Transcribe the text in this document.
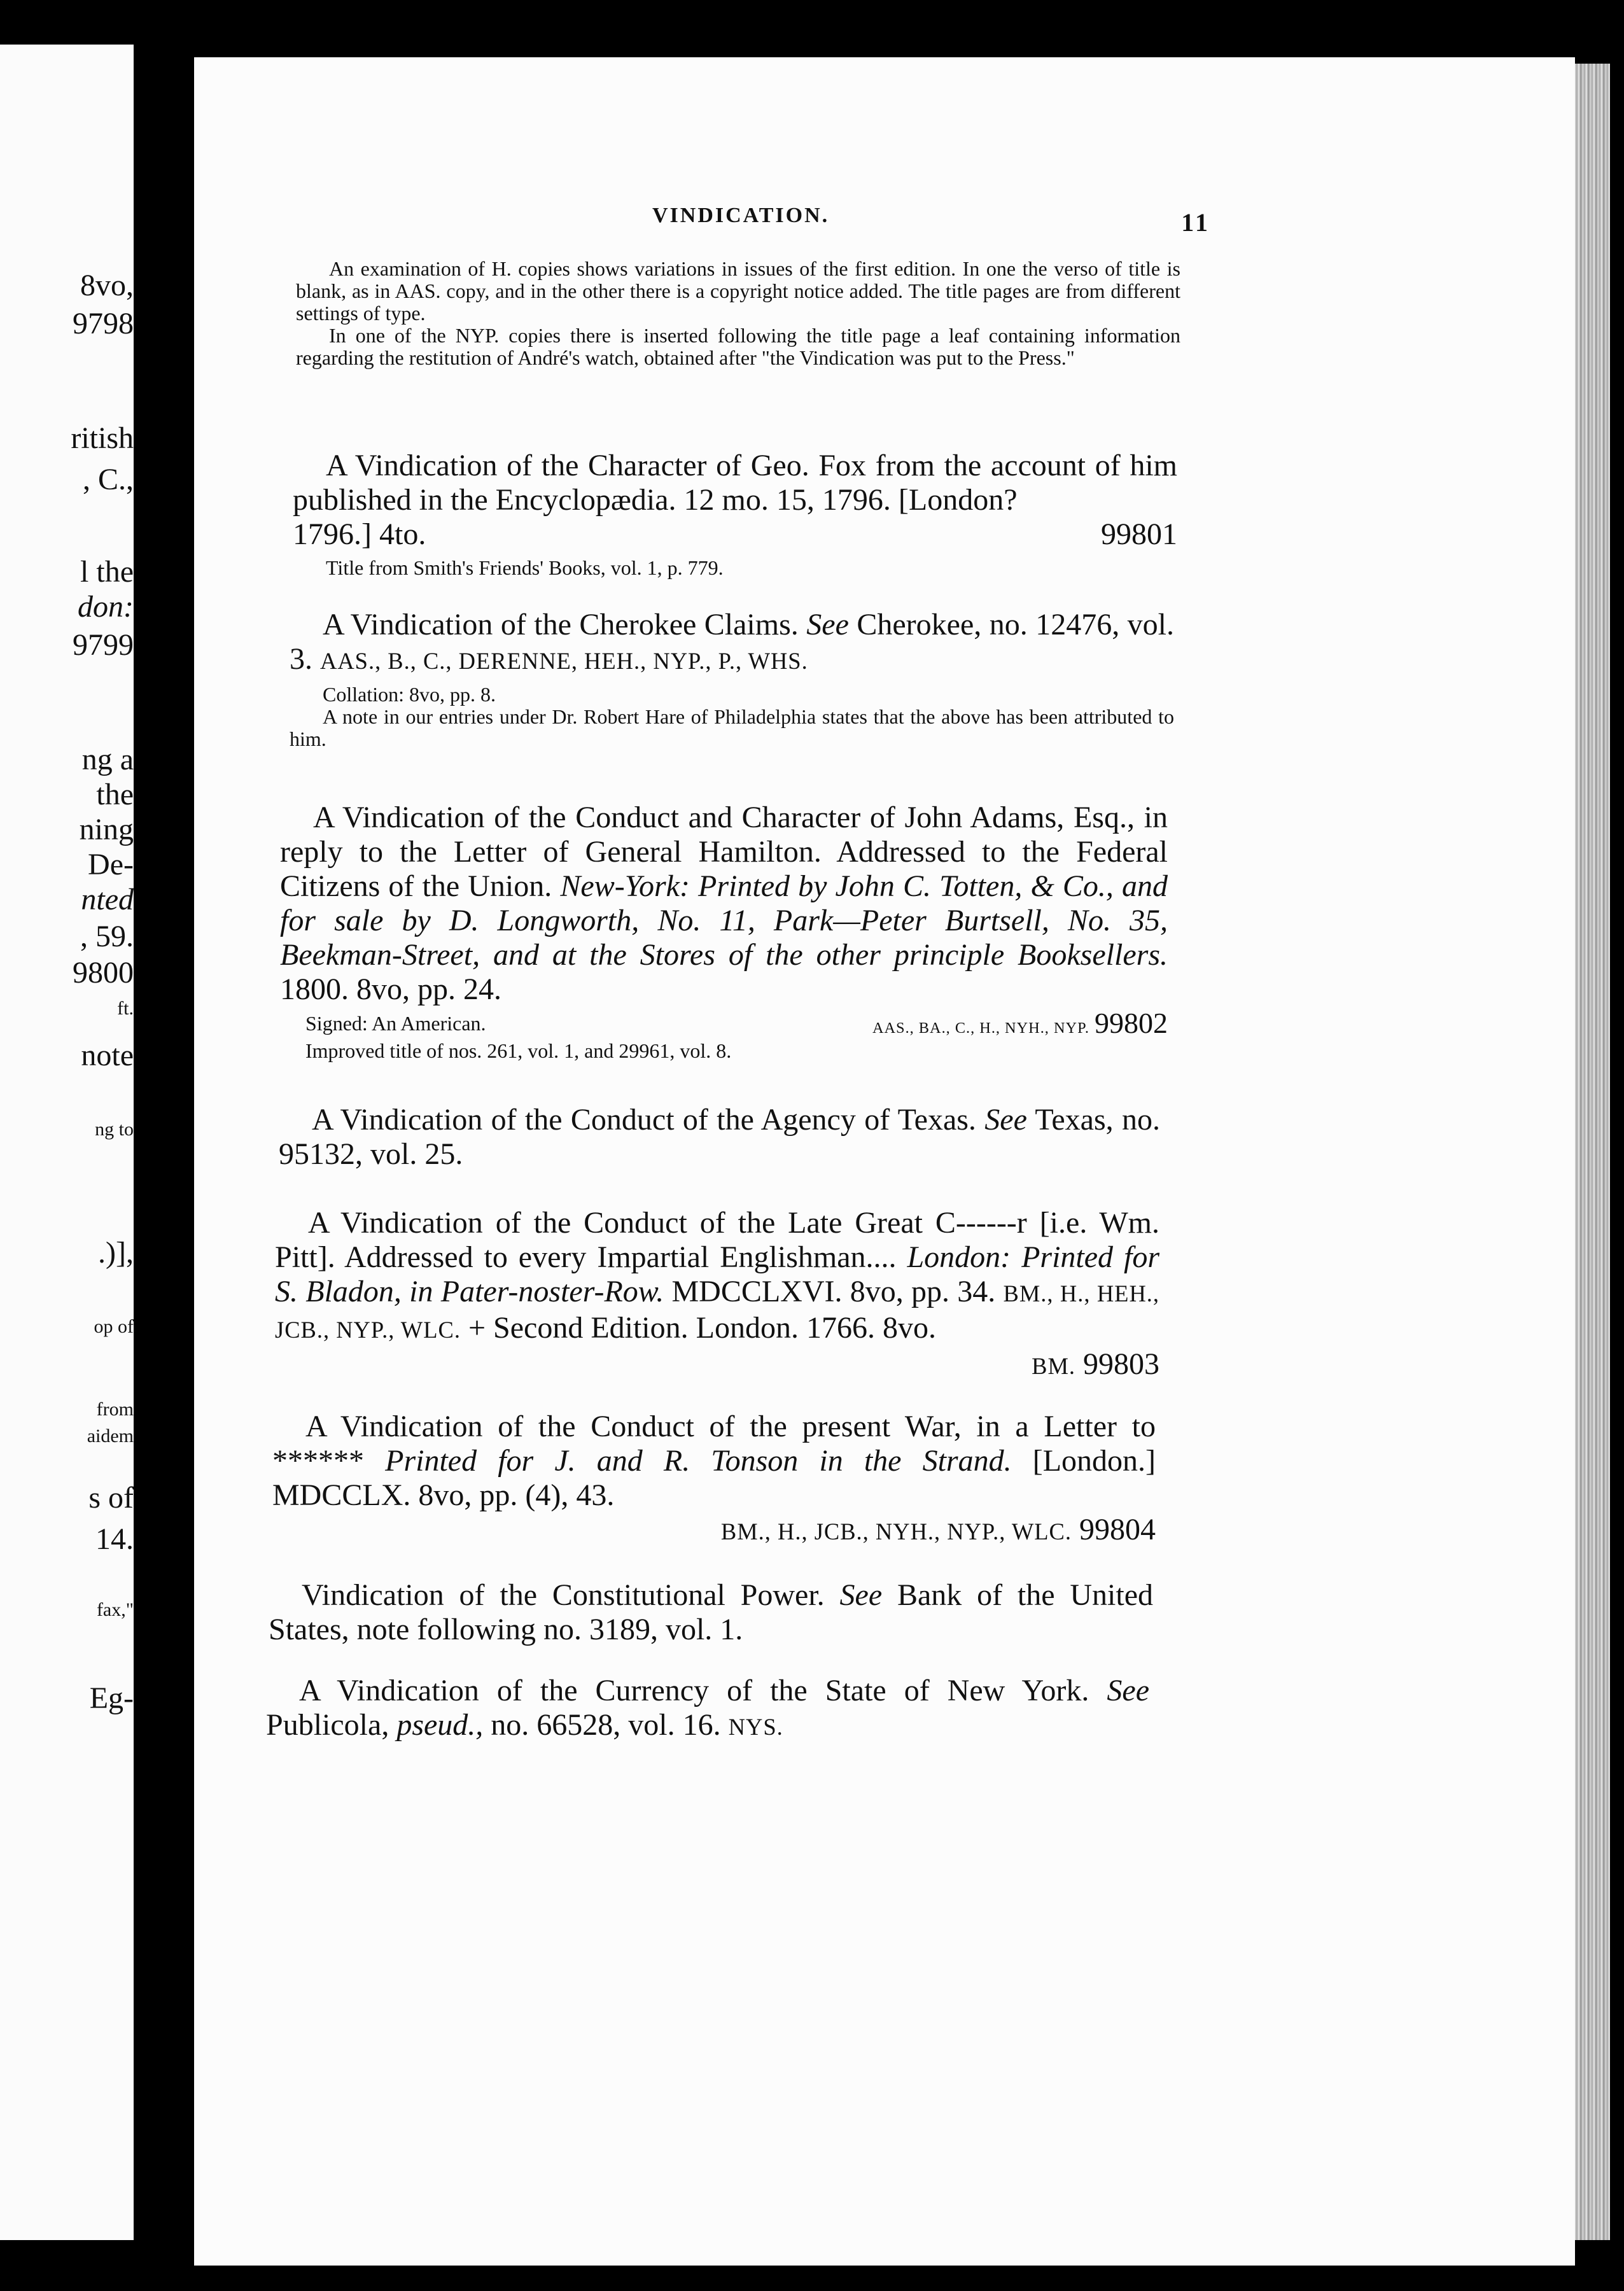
8vo,
9798
ritish
, C.,
l the
don:
9799
ng a
the
ning
De-
nted
, 59.
9800
ft.
note
ng to
.)],
op of
from
aidem
s of
14.
fax,"
Eg-
VINDICATION.	11
An examination of H. copies shows variations in issues of the first edition. In one the verso of title is blank, as in AAS. copy, and in the other there is a copyright notice added. The title pages are from different settings of type.
In one of the NYP. copies there is inserted following the title page a leaf containing information regarding the restitution of André's watch, obtained after "the Vindication was put to the Press."
A Vindication of the Character of Geo. Fox from the account of him published in the Encyclopædia. 12 mo. 15, 1796. [London?
1796.] 4to.	99801
Title from Smith's Friends' Books, vol. 1, p. 779.
A Vindication of the Cherokee Claims. See Cherokee, no. 12476, vol. 3. AAS., B., C., DERENNE, HEH., NYP., P., WHS.
Collation: 8vo, pp. 8.
A note in our entries under Dr. Robert Hare of Philadelphia states that the above has been attributed to him.
A Vindication of the Conduct and Character of John Adams, Esq., in reply to the Letter of General Hamilton. Addressed to the Federal Citizens of the Union. New-York: Printed by John C. Totten, & Co., and for sale by D. Longworth, No. 11, Park—Peter Burtsell, No. 35, Beekman-Street, and at the Stores of the other principle Booksellers. 1800. 8vo, pp. 24.
Signed: An American.	AAS., BA., C., H., NYH., NYP. 99802
Improved title of nos. 261, vol. 1, and 29961, vol. 8.
A Vindication of the Conduct of the Agency of Texas. See Texas, no. 95132, vol. 25.
A Vindication of the Conduct of the Late Great C------r [i.e. Wm. Pitt]. Addressed to every Impartial Englishman.... London: Printed for S. Bladon, in Pater-noster-Row. MDCCLXVI. 8vo, pp. 34. BM., H., HEH., JCB., NYP., WLC. + Second Edition. London. 1766. 8vo.
BM. 99803
A Vindication of the Conduct of the present War, in a Letter to ****** Printed for J. and R. Tonson in the Strand. [London.] MDCCLX. 8vo, pp. (4), 43.
BM., H., JCB., NYH., NYP., WLC. 99804
Vindication of the Constitutional Power. See Bank of the United States, note following no. 3189, vol. 1.
A Vindication of the Currency of the State of New York. See Publicola, pseud., no. 66528, vol. 16. NYS.
